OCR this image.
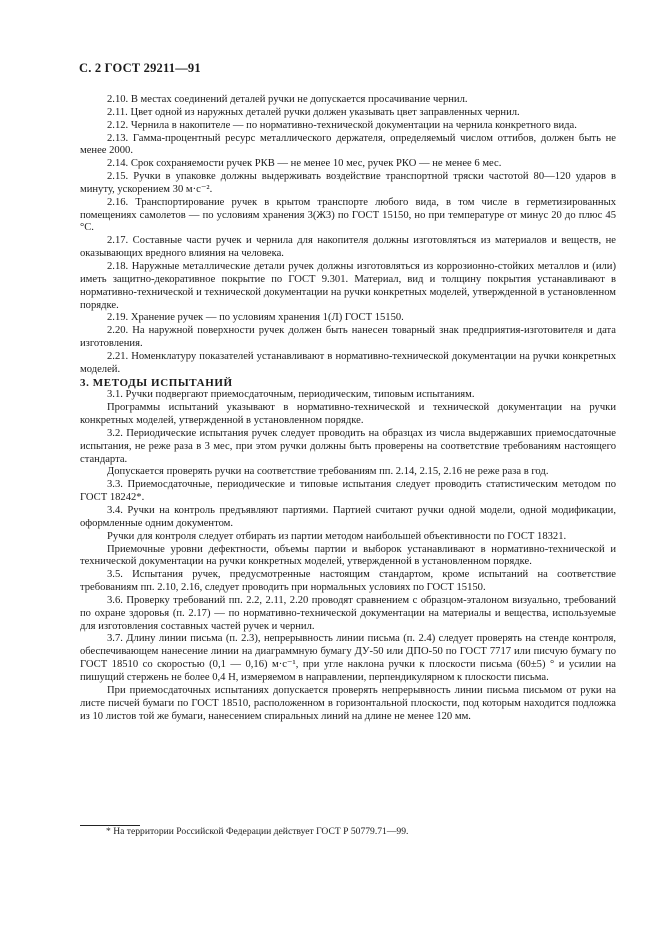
С. 2 ГОСТ 29211—91

2.10. В местах соединений деталей ручки не допускается просачивание чернил.

2.11. Цвет одной из наружных деталей ручки должен указывать цвет заправленных чернил.

2.12. Чернила в накопителе — по нормативно-технической документации на чернила конкретного вида.

2.13. Гамма-процентный ресурс металлического держателя, определяемый числом оттибов, должен быть не менее 2000.

2.14. Срок сохраняемости ручек РКВ — не менее 10 мес, ручек РКО — не менее 6 мес.

2.15. Ручки в упаковке должны выдерживать воздействие транспортной тряски частотой 80—120 ударов в минуту, ускорением 30 м·с⁻².

2.16. Транспортирование ручек в крытом транспорте любого вида, в том числе в герметизированных помещениях самолетов — по условиям хранения 3(Ж3) по ГОСТ 15150, но при температуре от минус 20 до плюс 45 °С.

2.17. Составные части ручек и чернила для накопителя должны изготовляться из материалов и веществ, не оказывающих вредного влияния на человека.

2.18. Наружные металлические детали ручек должны изготовляться из коррозионно-стойких металлов и (или) иметь защитно-декоративное покрытие по ГОСТ 9.301. Материал, вид и толщину покрытия устанавливают в нормативно-технической и технической документации на ручки конкретных моделей, утвержденной в установленном порядке.

2.19. Хранение ручек — по условиям хранения 1(Л) ГОСТ 15150.

2.20. На наружной поверхности ручек должен быть нанесен товарный знак предприятия-изготовителя и дата изготовления.

2.21. Номенклатуру показателей устанавливают в нормативно-технической документации на ручки конкретных моделей.

3. МЕТОДЫ ИСПЫТАНИЙ

3.1. Ручки подвергают приемосдаточным, периодическим, типовым испытаниям.

Программы испытаний указывают в нормативно-технической и технической документации на ручки конкретных моделей, утвержденной в установленном порядке.

3.2. Периодические испытания ручек следует проводить на образцах из числа выдержавших приемосдаточные испытания, не реже раза в 3 мес, при этом ручки должны быть проверены на соответствие требованиям настоящего стандарта.

Допускается проверять ручки на соответствие требованиям пп. 2.14, 2.15, 2.16 не реже раза в год.

3.3. Приемосдаточные, периодические и типовые испытания следует проводить статистическим методом по ГОСТ 18242*.

3.4. Ручки на контроль предъявляют партиями. Партией считают ручки одной модели, одной модификации, оформленные одним документом.

Ручки для контроля следует отбирать из партии методом наибольшей объективности по ГОСТ 18321.

Приемочные уровни дефектности, объемы партии и выборок устанавливают в нормативно-технической и технической документации на ручки конкретных моделей, утвержденной в установленном порядке.

3.5. Испытания ручек, предусмотренные настоящим стандартом, кроме испытаний на соответствие требованиям пп. 2.10, 2.16, следует проводить при нормальных условиях по ГОСТ 15150.

3.6. Проверку требований пп. 2.2, 2.11, 2.20 проводят сравнением с образцом-эталоном визуально, требований по охране здоровья (п. 2.17) — по нормативно-технической документации на материалы и вещества, используемые для изготовления составных частей ручек и чернил.

3.7. Длину линии письма (п. 2.3), непрерывность линии письма (п. 2.4) следует проверять на стенде контроля, обеспечивающем нанесение линии на диаграммную бумагу ДУ-50 или ДПО-50 по ГОСТ 7717 или писчую бумагу по ГОСТ 18510 со скоростью (0,1 — 0,16) м·с⁻¹, при угле наклона ручки к плоскости письма (60±5) ° и усилии на пишущий стержень не более 0,4 Н, измеряемом в направлении, перпендикулярном к плоскости письма.

При приемосдаточных испытаниях допускается проверять непрерывность линии письма письмом от руки на листе писчей бумаги по ГОСТ 18510, расположенном в горизонтальной плоскости, под которым находится подложка из 10 листов той же бумаги, нанесением спиральных линий на длине не менее 120 мм.

* На территории Российской Федерации действует ГОСТ Р 50779.71—99.
